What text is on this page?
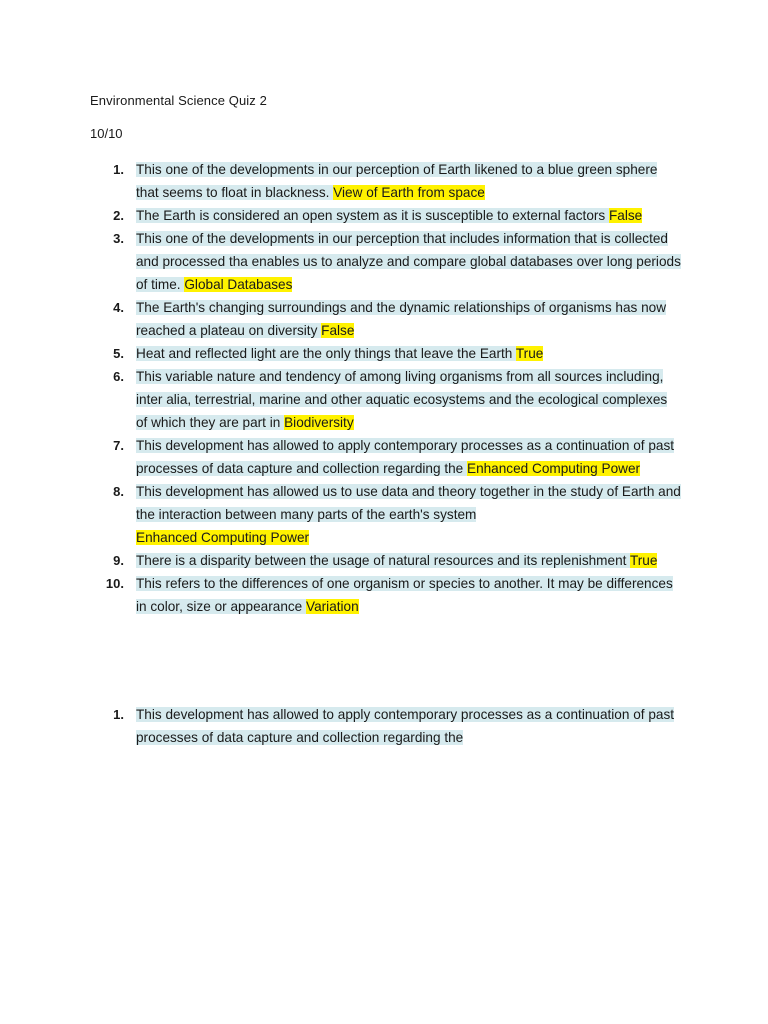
Environmental Science Quiz 2
10/10
1. This one of the developments in our perception of Earth likened to a blue green sphere that seems to float in blackness. View of Earth from space
2. The Earth is considered an open system as it is susceptible to external factors False
3. This one of the developments in our perception that includes information that is collected and processed tha enables us to analyze and compare global databases over long periods of time. Global Databases
4. The Earth's changing surroundings and the dynamic relationships of organisms has now reached a plateau on diversity False
5. Heat and reflected light are the only things that leave the Earth True
6. This variable nature and tendency of among living organisms from all sources including, inter alia, terrestrial, marine and other aquatic ecosystems and the ecological complexes of which they are part in Biodiversity
7. This development has allowed to apply contemporary processes as a continuation of past processes of data capture and collection regarding the Enhanced Computing Power
8. This development has allowed us to use data and theory together in the study of Earth and the interaction between many parts of the earth's system
Enhanced Computing Power
9. There is a disparity between the usage of natural resources and its replenishment True
10. This refers to the differences of one organism or species to another. It may be differences in color, size or appearance Variation
1. This development has allowed to apply contemporary processes as a continuation of past processes of data capture and collection regarding the
